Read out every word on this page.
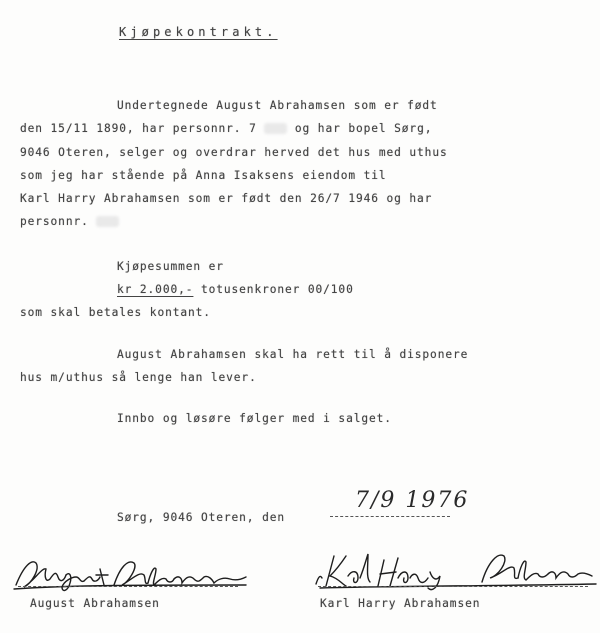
Kjøpekontrakt.
Undertegnede August Abrahamsen som er født
den 15/11 1890, har personnr. 7 5 8 og har bopel Sørg,
9046 Oteren, selger og overdrar herved det hus med uthus
som jeg har stående på Anna Isaksens eiendom til
Karl Harry Abrahamsen som er født den 26/7 1946 og har
personnr. 516
Kjøpesummen er
kr 2.000,- totusenkroner 00/100
som skal betales kontant.
August Abrahamsen skal ha rett til å disponere
hus m/uthus så lenge han lever.
Innbo og løsøre følger med i salget.
Sørg, 9046 Oteren, den
7/9 1976
August Abrahamsen	Karl Harry Abrahamsen
